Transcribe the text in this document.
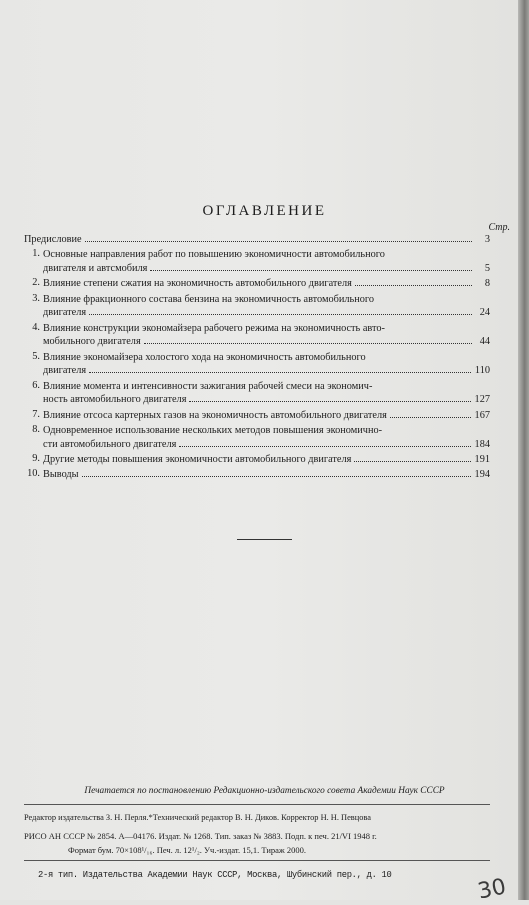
ОГЛАВЛЕНИЕ
Стр.
Предисловие	3
1. Основные направления работ по повышению экономичности автомобильного
двигателя и автсмобиля	5
2. Влияние степени сжатия на экономичность автомобильного двигателя	8
3. Влияние фракционного состава бензина на экономичность автомобильного
двигателя	24
4. Влияние конструкции экономайзера рабочего режима на экономичность авто-
мобильного двигателя	44
5. Влияние экономайзера холостого хода на экономичность автомобильного
двигателя	110
6. Влияние момента и интенсивности зажигания рабочей смеси на экономич-
ность автомобильного двигателя	127
7. Влияние отсоса картерных газов на экономичность автомобильного двигателя	167
8. Одновременное использование нескольких методов повышения экономично-
сти автомобильного двигателя	184
9. Другие методы повышения экономичности автомобильного двигателя	191
10. Выводы	194
Печатается по постановлению Редакционно-издательского совета Академии Наук СССР
Редактор издательства З. Н. Перля.*Технический редактор В. Н. Диков. Корректор Н. Н. Певцова
РИСО АН СССР № 2854. А—04176. Издат. № 1268. Тип. заказ № 3883. Подп. к печ. 21/VI 1948 г.
Формат бум. 70×108¹/₁₆. Печ. л. 12¹/₂. Уч.-издат. 15,1. Тираж 2000.
2-я тип. Издательства Академии Наук СССР, Москва, Шубинский пер., д. 10	30
